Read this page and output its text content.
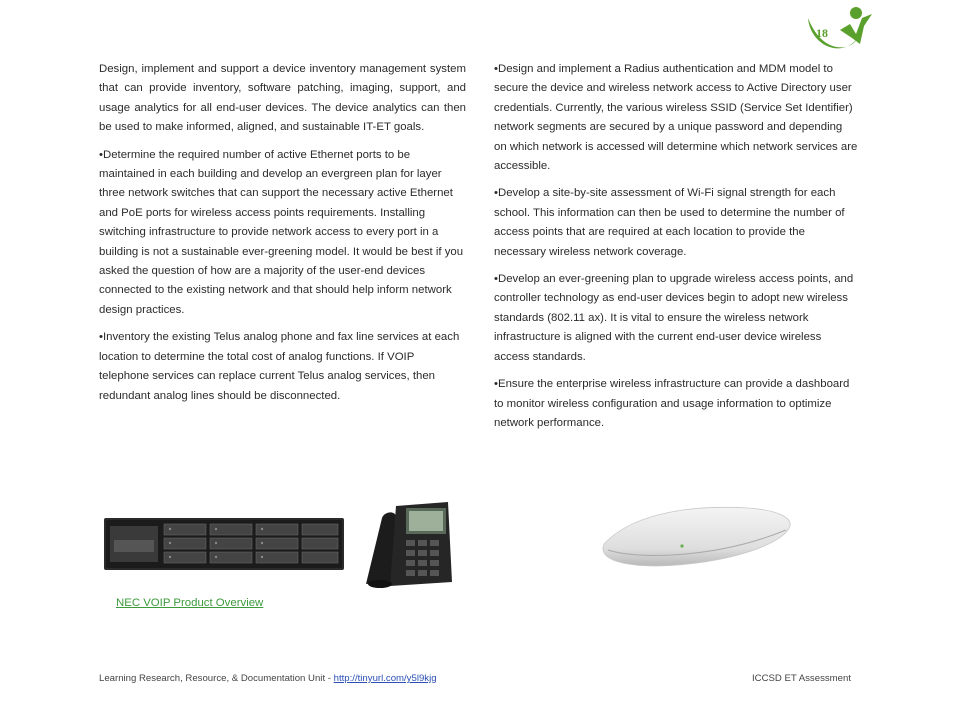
18

Design, implement and support a device inventory management system that can provide inventory, software patching, imaging, support, and usage analytics for all end-user devices. The device analytics can then be used to make informed, aligned, and sustainable IT-ET goals.

•Determine the required number of active Ethernet ports to be maintained in each building and develop an evergreen plan for layer three network switches that can support the necessary active Ethernet and PoE ports for wireless access points requirements. Installing switching infrastructure to provide network access to every port in a building is not a sustainable ever-greening model. It would be best if you asked the question of how are a majority of the user-end devices connected to the existing network and that should help inform network design practices.

•Inventory the existing Telus analog phone and fax line services at each location to determine the total cost of analog functions. If VOIP telephone services can replace current Telus analog services, then redundant analog lines should be disconnected.

•Design and implement a Radius authentication and MDM model to secure the device and wireless network access to Active Directory user credentials. Currently, the various wireless SSID (Service Set Identifier) network segments are secured by a unique password and depending on which network is accessed will determine which network services are accessible.

•Develop a site-by-site assessment of Wi-Fi signal strength for each school. This information can then be used to determine the number of access points that are required at each location to provide the necessary wireless network coverage.

•Develop an ever-greening plan to upgrade wireless access points, and controller technology as end-user devices begin to adopt new wireless standards (802.11 ax). It is vital to ensure the wireless network infrastructure is aligned with the current end-user device wireless access standards.

•Ensure the enterprise wireless infrastructure can provide a dashboard to monitor wireless configuration and usage information to optimize network performance.

NEC VOIP Product Overview
Learning Research, Resource, & Documentation Unit - http://tinyurl.com/y5l9kjg	ICCSD ET Assessment
